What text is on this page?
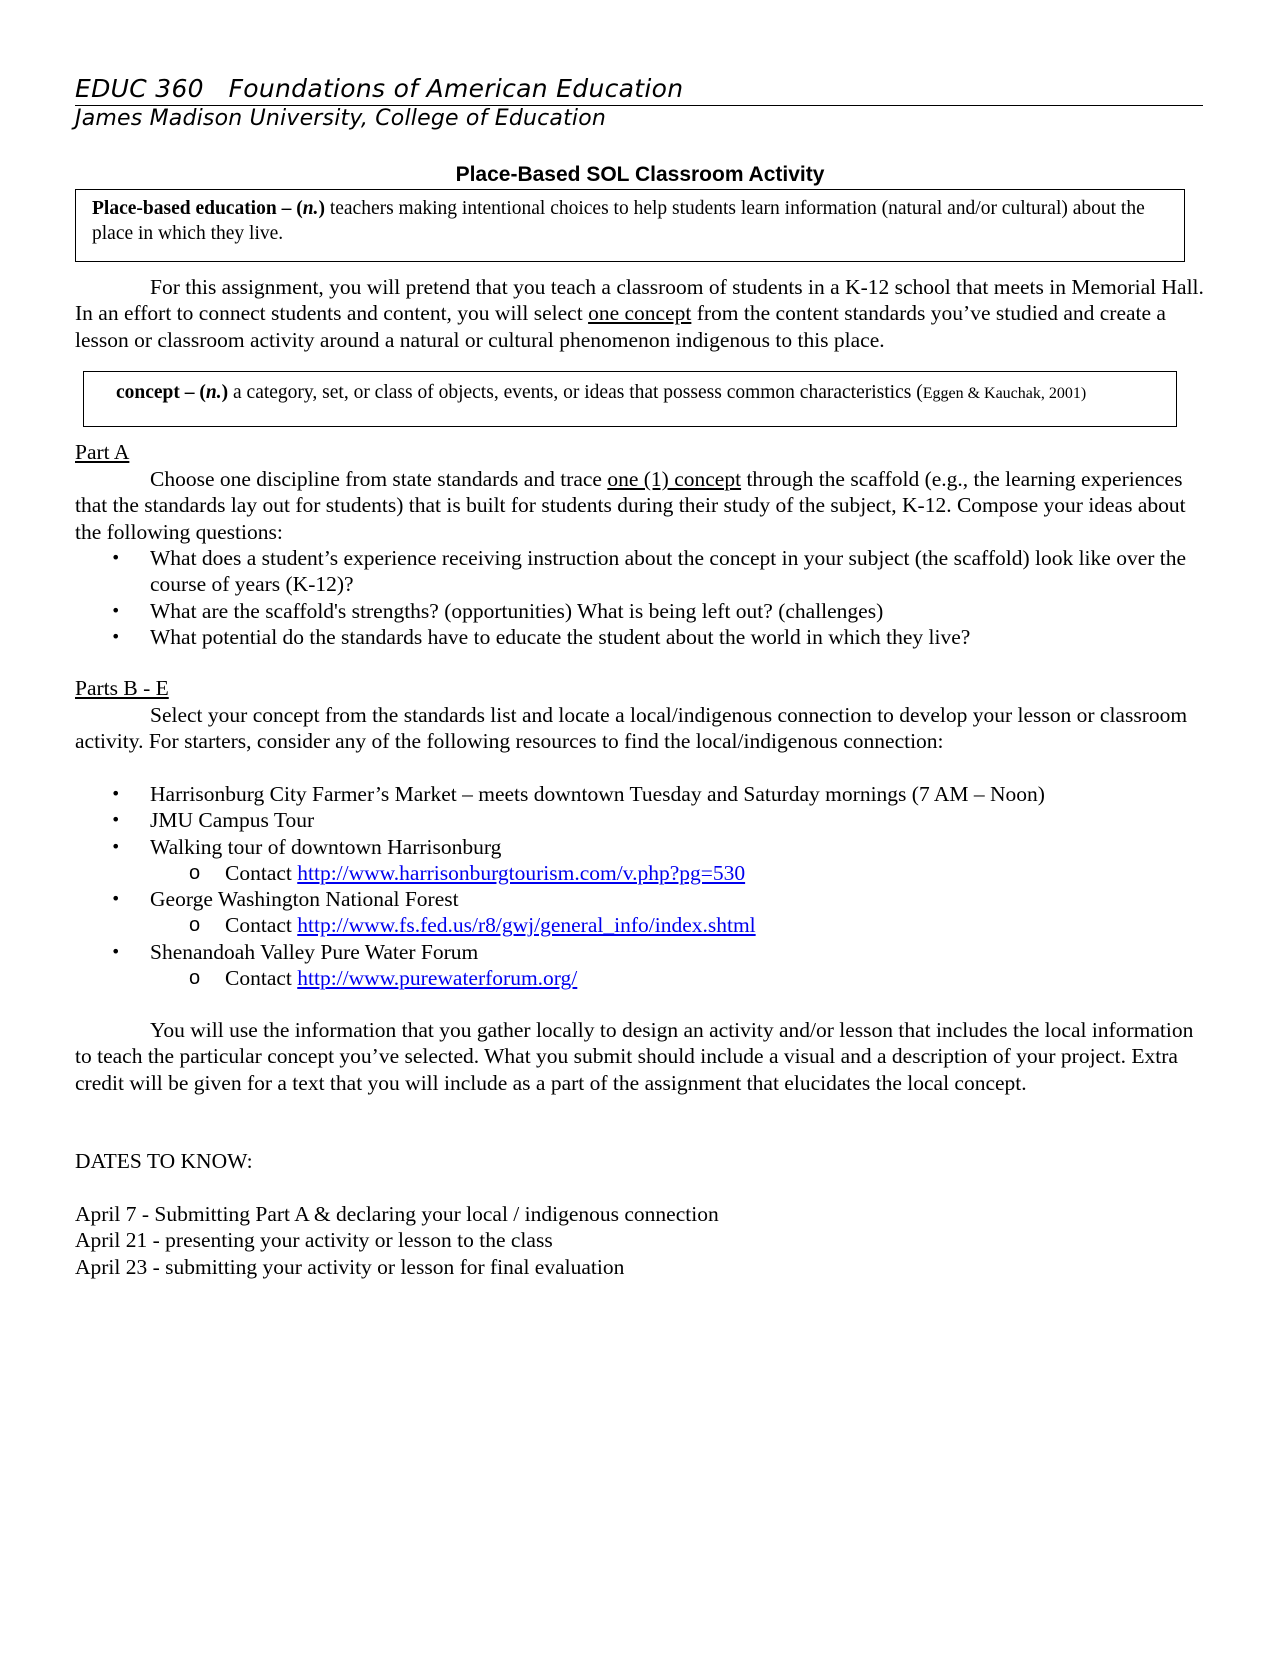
EDUC 360   Foundations of American Education
James Madison University, College of Education
Place-Based SOL Classroom Activity
Place-based education – (n.) teachers making intentional choices to help students learn information (natural and/or cultural) about the place in which they live.
For this assignment, you will pretend that you teach a classroom of students in a K-12 school that meets in Memorial Hall. In an effort to connect students and content, you will select one concept from the content standards you’ve studied and create a lesson or classroom activity around a natural or cultural phenomenon indigenous to this place.
concept – (n.) a category, set, or class of objects, events, or ideas that possess common characteristics (Eggen & Kauchak, 2001)
Part A
Choose one discipline from state standards and trace one (1) concept through the scaffold (e.g., the learning experiences that the standards lay out for students) that is built for students during their study of the subject, K-12. Compose your ideas about the following questions:
• What does a student’s experience receiving instruction about the concept in your subject (the scaffold) look like over the course of years (K-12)?
• What are the scaffold's strengths? (opportunities) What is being left out? (challenges)
• What potential do the standards have to educate the student about the world in which they live?
Parts B - E
Select your concept from the standards list and locate a local/indigenous connection to develop your lesson or classroom activity. For starters, consider any of the following resources to find the local/indigenous connection:
• Harrisonburg City Farmer’s Market – meets downtown Tuesday and Saturday mornings (7 AM – Noon)
• JMU Campus Tour
• Walking tour of downtown Harrisonburg
o Contact http://www.harrisonburgtourism.com/v.php?pg=530
• George Washington National Forest
o Contact http://www.fs.fed.us/r8/gwj/general_info/index.shtml
• Shenandoah Valley Pure Water Forum
o Contact http://www.purewaterforum.org/
You will use the information that you gather locally to design an activity and/or lesson that includes the local information to teach the particular concept you’ve selected. What you submit should include a visual and a description of your project. Extra credit will be given for a text that you will include as a part of the assignment that elucidates the local concept.
DATES TO KNOW:
April 7 - Submitting Part A & declaring your local / indigenous connection
April 21 - presenting your activity or lesson to the class
April 23 - submitting your activity or lesson for final evaluation
